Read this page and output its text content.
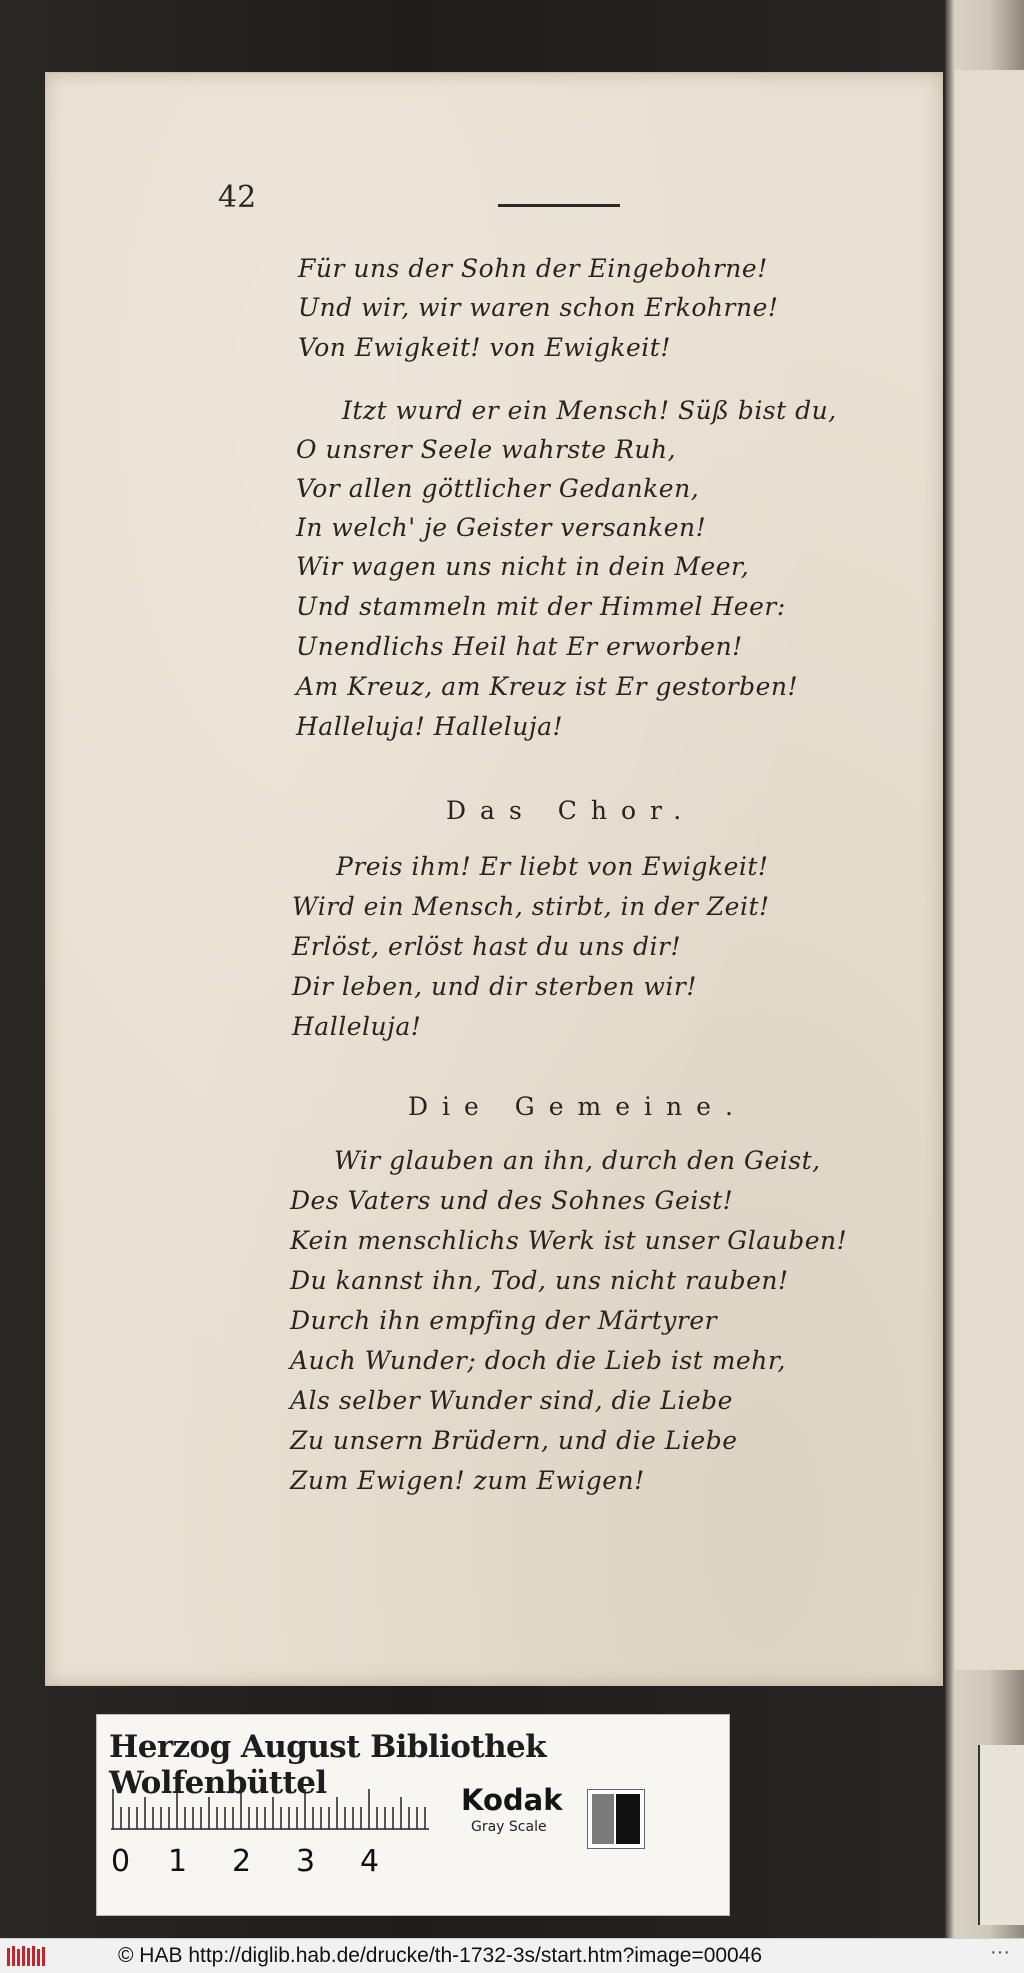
42
Für uns der Sohn der Eingebohrne!
Und wir, wir waren schon Erkohrne!
Von Ewigkeit! von Ewigkeit!
Itzt wurd er ein Mensch! Süß bist du,
O unsrer Seele wahrste Ruh,
Vor allen göttlicher Gedanken,
In welch' je Geister versanken!
Wir wagen uns nicht in dein Meer,
Und stammeln mit der Himmel Heer:
Unendlichs Heil hat Er erworben!
Am Kreuz, am Kreuz ist Er gestorben!
Halleluja! Halleluja!
Das Chor.
Preis ihm! Er liebt von Ewigkeit!
Wird ein Mensch, stirbt, in der Zeit!
Erlöst, erlöst hast du uns dir!
Dir leben, und dir sterben wir!
Halleluja!
Die Gemeine.
Wir glauben an ihn, durch den Geist,
Des Vaters und des Sohnes Geist!
Kein menschlichs Werk ist unser Glauben!
Du kannst ihn, Tod, uns nicht rauben!
Durch ihn empfing der Märtyrer
Auch Wunder; doch die Lieb ist mehr,
Als selber Wunder sind, die Liebe
Zu unsern Brüdern, und die Liebe
Zum Ewigen! zum Ewigen!
Herzog August Bibliothek Wolfenbüttel
0 1 2 3 4
Kodak
Gray Scale
© HAB http://diglib.hab.de/drucke/th-1732-3s/start.htm?image=00046	···
